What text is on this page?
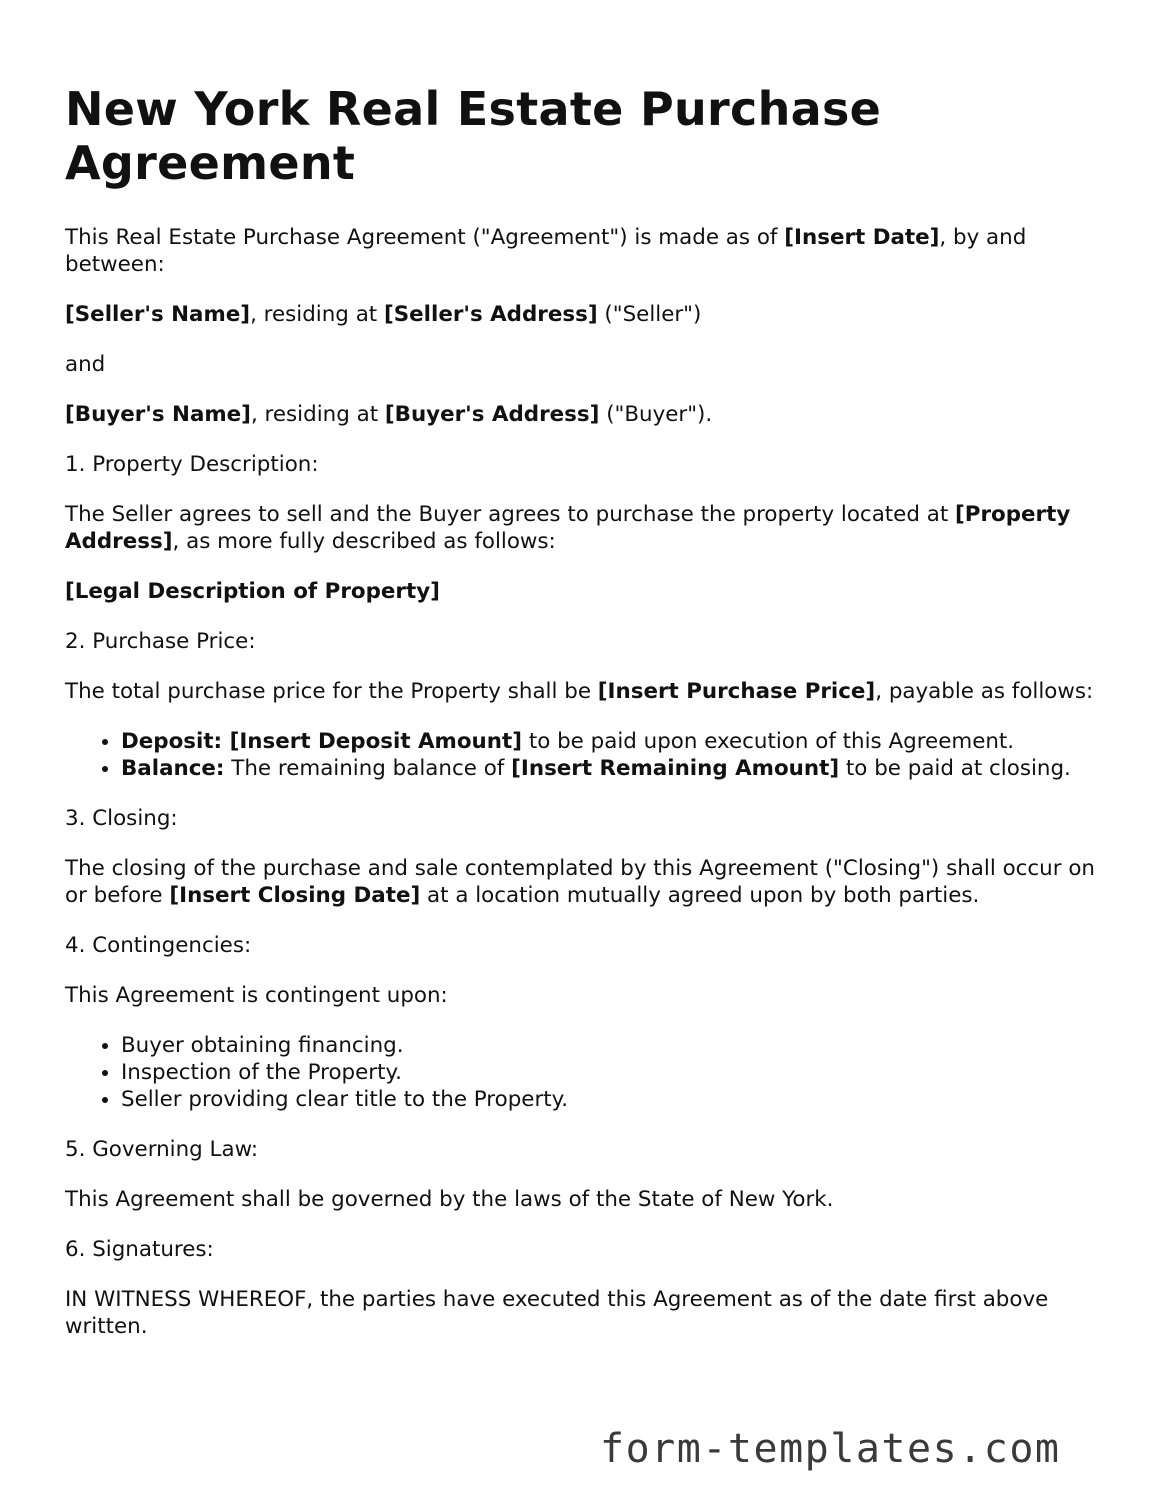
New York Real Estate Purchase Agreement

This Real Estate Purchase Agreement ("Agreement") is made as of [Insert Date], by and between:

[Seller's Name], residing at [Seller's Address] ("Seller")

and

[Buyer's Name], residing at [Buyer's Address] ("Buyer").

1. Property Description:

The Seller agrees to sell and the Buyer agrees to purchase the property located at [Property Address], as more fully described as follows:

[Legal Description of Property]

2. Purchase Price:

The total purchase price for the Property shall be [Insert Purchase Price], payable as follows:

• Deposit: [Insert Deposit Amount] to be paid upon execution of this Agreement.
• Balance: The remaining balance of [Insert Remaining Amount] to be paid at closing.

3. Closing:

The closing of the purchase and sale contemplated by this Agreement ("Closing") shall occur on or before [Insert Closing Date] at a location mutually agreed upon by both parties.

4. Contingencies:

This Agreement is contingent upon:

• Buyer obtaining financing.
• Inspection of the Property.
• Seller providing clear title to the Property.

5. Governing Law:

This Agreement shall be governed by the laws of the State of New York.

6. Signatures:

IN WITNESS WHEREOF, the parties have executed this Agreement as of the date first above written.

form-templates.com
